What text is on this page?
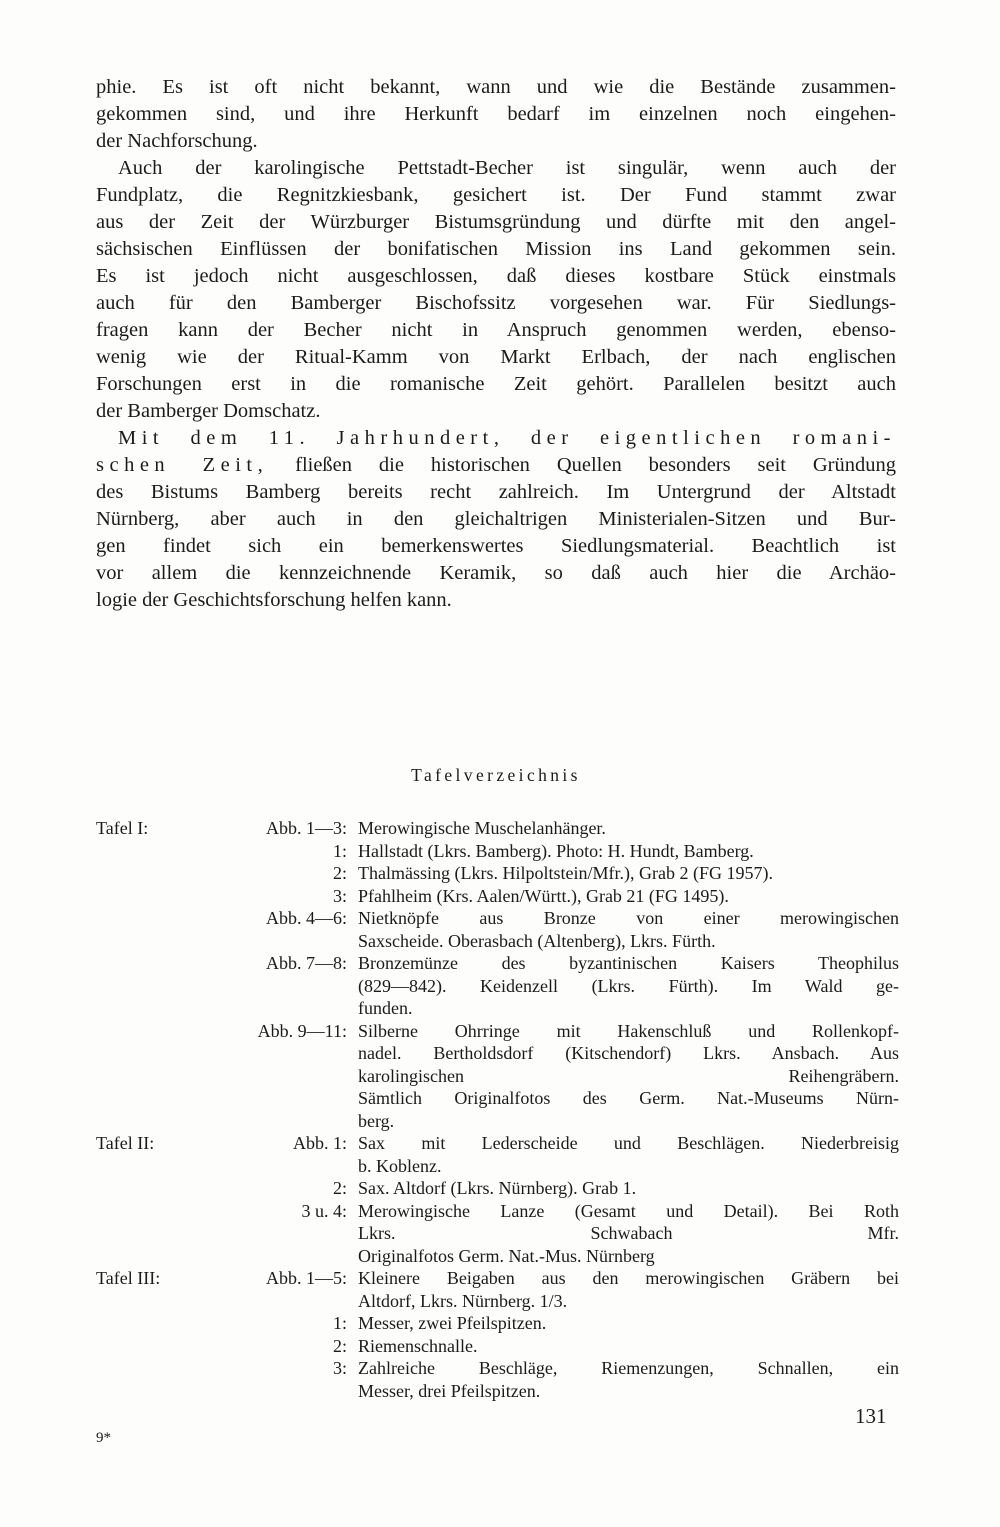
phie. Es ist oft nicht bekannt, wann und wie die Bestände zusammen-
gekommen sind, und ihre Herkunft bedarf im einzelnen noch eingehen-
der Nachforschung.

Auch der karolingische Pettstadt-Becher ist singulär, wenn auch der
Fundplatz, die Regnitzkiesbank, gesichert ist. Der Fund stammt zwar
aus der Zeit der Würzburger Bistumsgründung und dürfte mit den angel-
sächsischen Einflüssen der bonifatischen Mission ins Land gekommen sein.
Es ist jedoch nicht ausgeschlossen, daß dieses kostbare Stück einstmals
auch für den Bamberger Bischofssitz vorgesehen war. Für Siedlungs-
fragen kann der Becher nicht in Anspruch genommen werden, ebenso-
wenig wie der Ritual-Kamm von Markt Erlbach, der nach englischen
Forschungen erst in die romanische Zeit gehört. Parallelen besitzt auch
der Bamberger Domschatz.

Mit dem 11. Jahrhundert, der eigentlichen romani-
schen Zeit, fließen die historischen Quellen besonders seit Gründung
des Bistums Bamberg bereits recht zahlreich. Im Untergrund der Altstadt
Nürnberg, aber auch in den gleichaltrigen Ministerialen-Sitzen und Bur-
gen findet sich ein bemerkenswertes Siedlungsmaterial. Beachtlich ist
vor allem die kennzeichnende Keramik, so daß auch hier die Archäo-
logie der Geschichtsforschung helfen kann.

Tafelverzeichnis
Tafel I:	Abb. 1—3: Merowingische Muschelanhänger.
1: Hallstadt (Lkrs. Bamberg). Photo: H. Hundt, Bamberg.
2: Thalmässing (Lkrs. Hilpoltstein/Mfr.), Grab 2 (FG 1957).
3: Pfahlheim (Krs. Aalen/Württ.), Grab 21 (FG 1495).
Abb. 4—6: Nietknöpfe aus Bronze von einer merowingischen
Saxscheide. Oberasbach (Altenberg), Lkrs. Fürth.
Abb. 7—8: Bronzemünze des byzantinischen Kaisers Theophilus
(829—842). Keidenzell (Lkrs. Fürth). Im Wald ge-
funden.
Abb. 9—11: Silberne Ohrringe mit Hakenschluß und Rollenkopf-
nadel. Bertholdsdorf (Kitschendorf) Lkrs. Ansbach. Aus
karolingischen Reihengräbern.
Sämtlich Originalfotos des Germ. Nat.-Museums Nürn-
berg.
Tafel II:	Abb. 1: Sax mit Lederscheide und Beschlägen. Niederbreisig
b. Koblenz.
2: Sax. Altdorf (Lkrs. Nürnberg). Grab 1.
3 u. 4: Merowingische Lanze (Gesamt und Detail). Bei Roth
Lkrs. Schwabach Mfr.
Originalfotos Germ. Nat.-Mus. Nürnberg
Tafel III:	Abb. 1—5: Kleinere Beigaben aus den merowingischen Gräbern bei
Altdorf, Lkrs. Nürnberg. 1/3.
1: Messer, zwei Pfeilspitzen.
2: Riemenschnalle.
3: Zahlreiche Beschläge, Riemenzungen, Schnallen, ein
Messer, drei Pfeilspitzen.
131
9*
